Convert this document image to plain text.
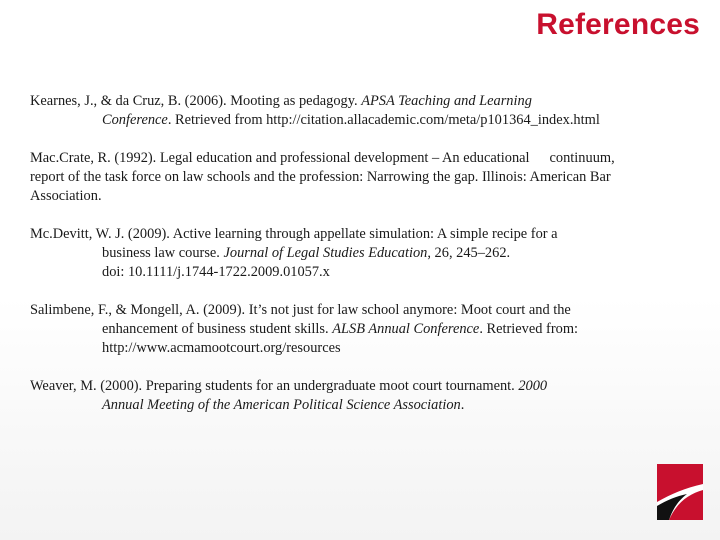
References
Kearnes, J., & da Cruz, B. (2006). Mooting as pedagogy. APSA Teaching and Learning
Conference. Retrieved from http://citation.allacademic.com/meta/p101364_index.html
Mac.Crate, R. (1992). Legal education and professional development – An educational continuum,
report of the task force on law schools and the profession: Narrowing the gap. Illinois: American Bar
Association.
Mc.Devitt, W. J. (2009). Active learning through appellate simulation: A simple recipe for a
business law course. Journal of Legal Studies Education, 26, 245–262.
doi: 10.1111/j.1744-1722.2009.01057.x
Salimbene, F., & Mongell, A. (2009). It’s not just for law school anymore: Moot court and the
enhancement of business student skills. ALSB Annual Conference. Retrieved from:
http://www.acmamootcourt.org/resources
Weaver, M. (2000). Preparing students for an undergraduate moot court tournament. 2000
Annual Meeting of the American Political Science Association.
